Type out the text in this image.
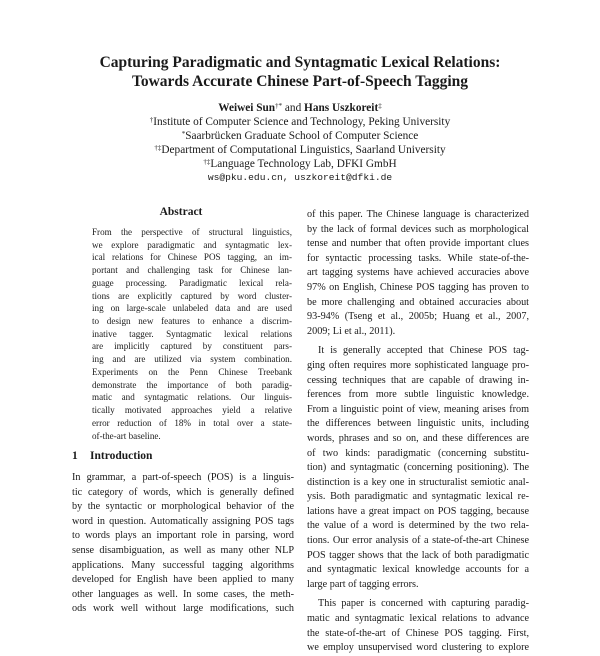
Capturing Paradigmatic and Syntagmatic Lexical Relations:
Towards Accurate Chinese Part-of-Speech Tagging
Weiwei Sun†* and Hans Uszkoreit‡
†Institute of Computer Science and Technology, Peking University
*Saarbrücken Graduate School of Computer Science
†‡Department of Computational Linguistics, Saarland University
†‡Language Technology Lab, DFKI GmbH
ws@pku.edu.cn, uszkoreit@dfki.de
Abstract
From the perspective of structural linguistics,
we explore paradigmatic and syntagmatic lex-
ical relations for Chinese POS tagging, an im-
portant and challenging task for Chinese lan-
guage processing. Paradigmatic lexical rela-
tions are explicitly captured by word cluster-
ing on large-scale unlabeled data and are used
to design new features to enhance a discrim-
inative tagger. Syntagmatic lexical relations
are implicitly captured by constituent pars-
ing and are utilized via system combination.
Experiments on the Penn Chinese Treebank
demonstrate the importance of both paradig-
matic and syntagmatic relations. Our linguis-
tically motivated approaches yield a relative
error reduction of 18% in total over a state-
of-the-art baseline.
1 Introduction
In grammar, a part-of-speech (POS) is a linguis-
tic category of words, which is generally defined
by the syntactic or morphological behavior of the
word in question. Automatically assigning POS tags
to words plays an important role in parsing, word
sense disambiguation, as well as many other NLP
applications. Many successful tagging algorithms
developed for English have been applied to many
other languages as well. In some cases, the meth-
ods work well without large modifications, such
of this paper. The Chinese language is characterized
by the lack of formal devices such as morphological
tense and number that often provide important clues
for syntactic processing tasks. While state-of-the-
art tagging systems have achieved accuracies above
97% on English, Chinese POS tagging has proven to
be more challenging and obtained accuracies about
93-94% (Tseng et al., 2005b; Huang et al., 2007,
2009; Li et al., 2011).
It is generally accepted that Chinese POS tag-
ging often requires more sophisticated language pro-
cessing techniques that are capable of drawing in-
ferences from more subtle linguistic knowledge.
From a linguistic point of view, meaning arises from
the differences between linguistic units, including
words, phrases and so on, and these differences are
of two kinds: paradigmatic (concerning substitu-
tion) and syntagmatic (concerning positioning). The
distinction is a key one in structuralist semiotic anal-
ysis. Both paradigmatic and syntagmatic lexical re-
lations have a great impact on POS tagging, because
the value of a word is determined by the two rela-
tions. Our error analysis of a state-of-the-art Chinese
POS tagger shows that the lack of both paradigmatic
and syntagmatic lexical knowledge accounts for a
large part of tagging errors.
This paper is concerned with capturing paradig-
matic and syntagmatic lexical relations to advance
the state-of-the-art of Chinese POS tagging. First,
we employ unsupervised word clustering to explore
